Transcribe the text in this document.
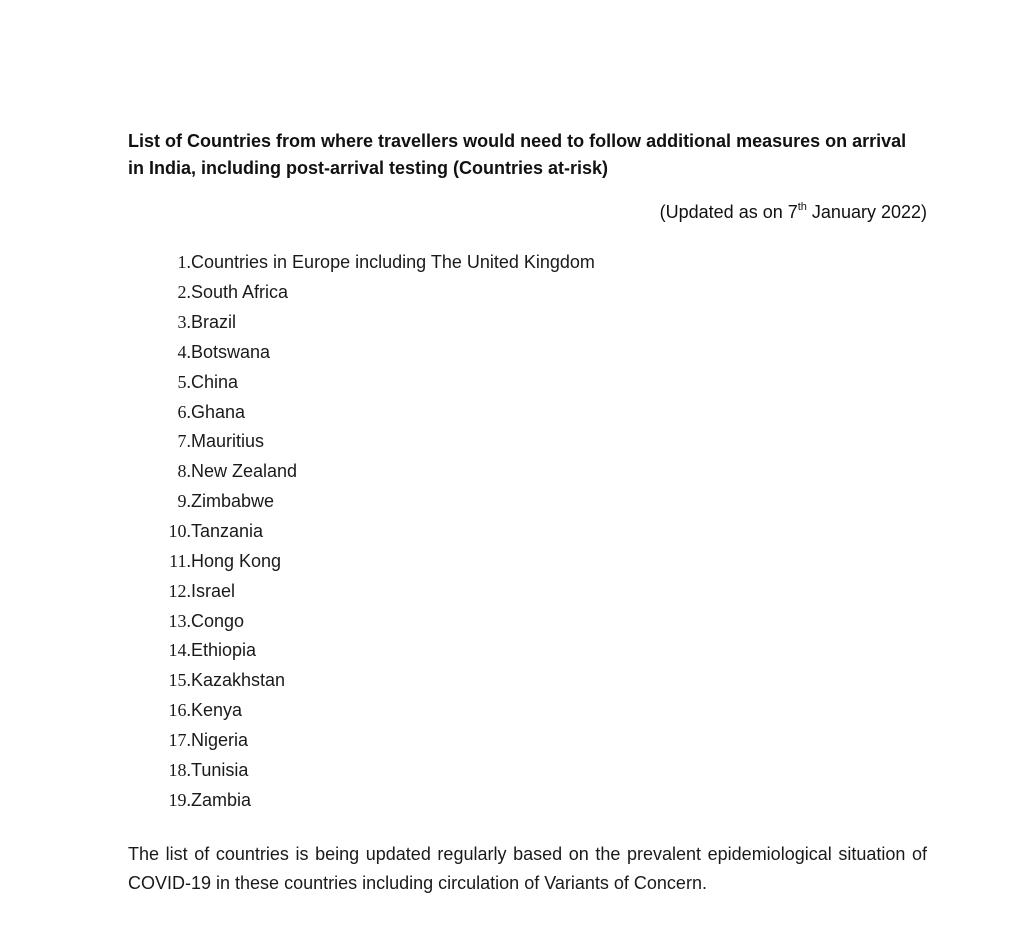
List of Countries from where travellers would need to follow additional measures on arrival in India, including post-arrival testing (Countries at-risk)
(Updated as on 7th January 2022)
1. Countries in Europe including The United Kingdom
2. South Africa
3. Brazil
4. Botswana
5. China
6. Ghana
7. Mauritius
8. New Zealand
9. Zimbabwe
10. Tanzania
11. Hong Kong
12. Israel
13. Congo
14. Ethiopia
15. Kazakhstan
16. Kenya
17. Nigeria
18. Tunisia
19. Zambia
The list of countries is being updated regularly based on the prevalent epidemiological situation of COVID-19 in these countries including circulation of Variants of Concern.
